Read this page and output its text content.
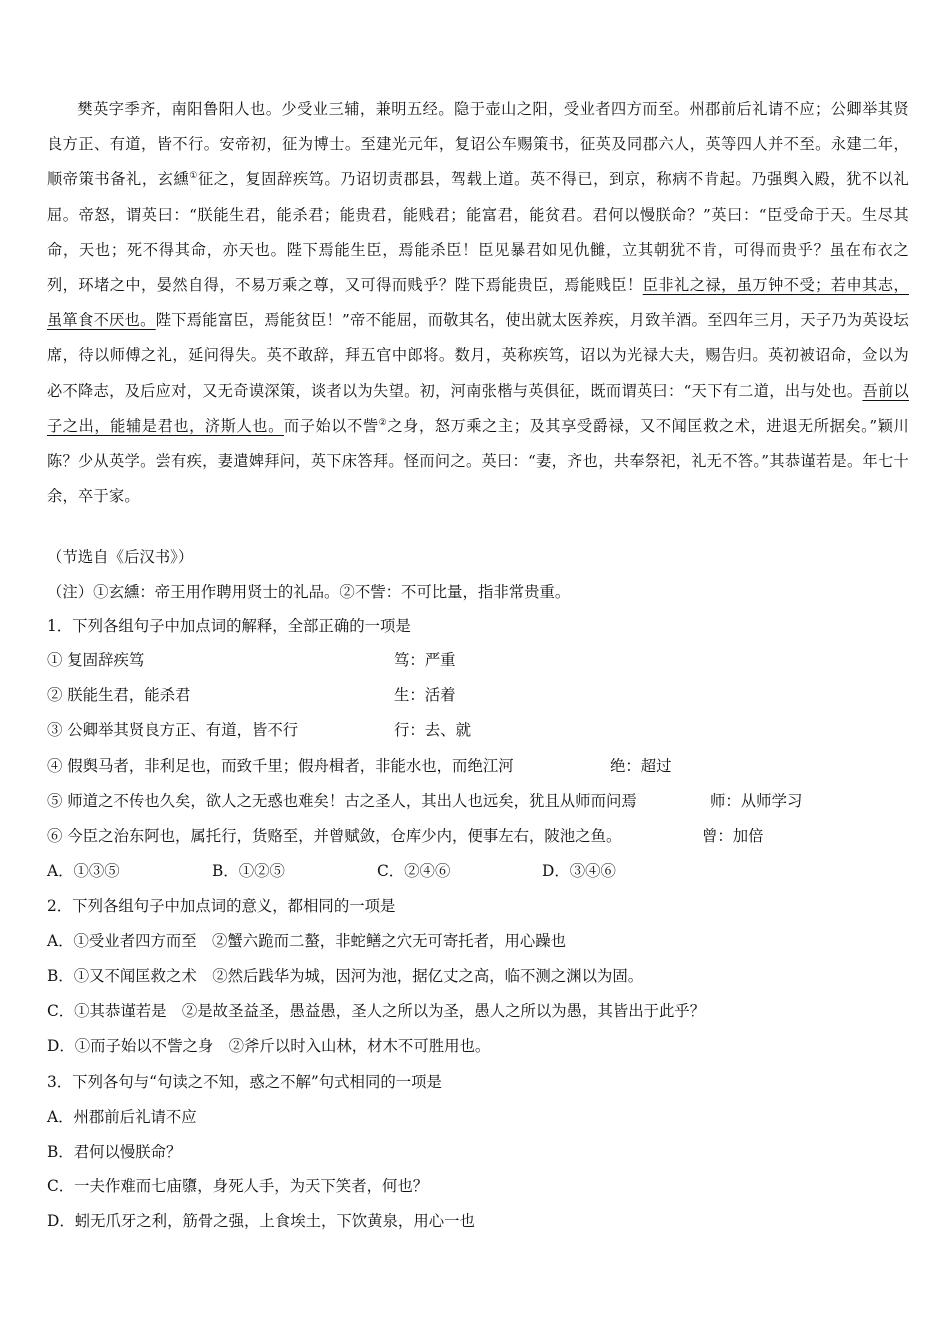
樊英字季齐，南阳鲁阳人也。少受业三辅，兼明五经。隐于壶山之阳，受业者四方而至。州郡前后礼请不应；公卿举其贤良方正、有道，皆不行。安帝初，征为博士。至建光元年，复诏公车赐策书，征英及同郡六人，英等四人并不至。永建二年，顺帝策书备礼，玄纁①征之，复固辞疾笃。乃诏切责郡县，驾载上道。英不得已，到京，称病不肯起。乃强舆入殿，犹不以礼屈。帝怒，谓英曰：“朕能生君，能杀君；能贵君，能贱君；能富君，能贫君。君何以慢朕命？”英曰：“臣受命于天。生尽其命，天也；死不得其命，亦天也。陛下焉能生臣，焉能杀臣！臣见暴君如见仇雠，立其朝犹不肯，可得而贵乎？虽在布衣之列，环堵之中，晏然自得，不易万乘之尊，又可得而贱乎？陛下焉能贵臣，焉能贱臣！臣非礼之禄，虽万钟不受；若申其志，虽箪食不厌也。陛下焉能富臣，焉能贫臣！”帝不能屈，而敬其名，使出就太医养疾，月致羊酒。至四年三月，天子乃为英设坛席，待以师傅之礼，延问得失。英不敢辞，拜五官中郎将。数月，英称疾笃，诏以为光禄大夫，赐告归。英初被诏命，佥以为必不降志，及后应对，又无奇谟深策，谈者以为失望。初，河南张楷与英俱征，既而谓英曰：“天下有二道，出与处也。吾前以子之出，能辅是君也，济斯人也。而子始以不訾②之身，怒万乘之主；及其享受爵禄，又不闻匡救之术，进退无所据矣。”颖川陈？少从英学。尝有疾，妻遣婢拜问，英下床答拜。怪而问之。英曰：“妻，齐也，共奉祭祀，礼无不答。”其恭谨若是。年七十余，卒于家。

（节选自《后汉书》）
（注）①玄纁：帝王用作聘用贤士的礼品。②不訾：不可比量，指非常贵重。
1．下列各组句子中加点词的解释，全部正确的一项是
① 复固辞疾笃	笃：严重
② 朕能生君，能杀君	生：活着
③ 公卿举其贤良方正、有道，皆不行	行：去、就
④ 假舆马者，非利足也，而致千里；假舟楫者，非能水也，而绝江河	绝：超过
⑤ 师道之不传也久矣，欲人之无惑也难矣！古之圣人，其出人也远矣，犹且从师而问焉	师：从师学习
⑥ 今臣之治东阿也，属托行，货赂至，并曾赋敛，仓库少内，便事左右，陂池之鱼。	曾：加倍
A．①③⑤	B．①②⑤	C．②④⑥	D．③④⑥
2．下列各组句子中加点词的意义，都相同的一项是
A．①受业者四方而至　②蟹六跪而二螯，非蛇鳝之穴无可寄托者，用心躁也
B．①又不闻匡救之术　②然后践华为城，因河为池，据亿丈之高，临不测之渊以为固。
C．①其恭谨若是　②是故圣益圣，愚益愚，圣人之所以为圣，愚人之所以为愚，其皆出于此乎？
D．①而子始以不訾之身　②斧斤以时入山林，材木不可胜用也。
3．下列各句与“句读之不知，惑之不解”句式相同的一项是
A．州郡前后礼请不应
B．君何以慢朕命？
C．一夫作难而七庙隳，身死人手，为天下笑者，何也？
D．蚓无爪牙之利，筋骨之强，上食埃土，下饮黄泉，用心一也
